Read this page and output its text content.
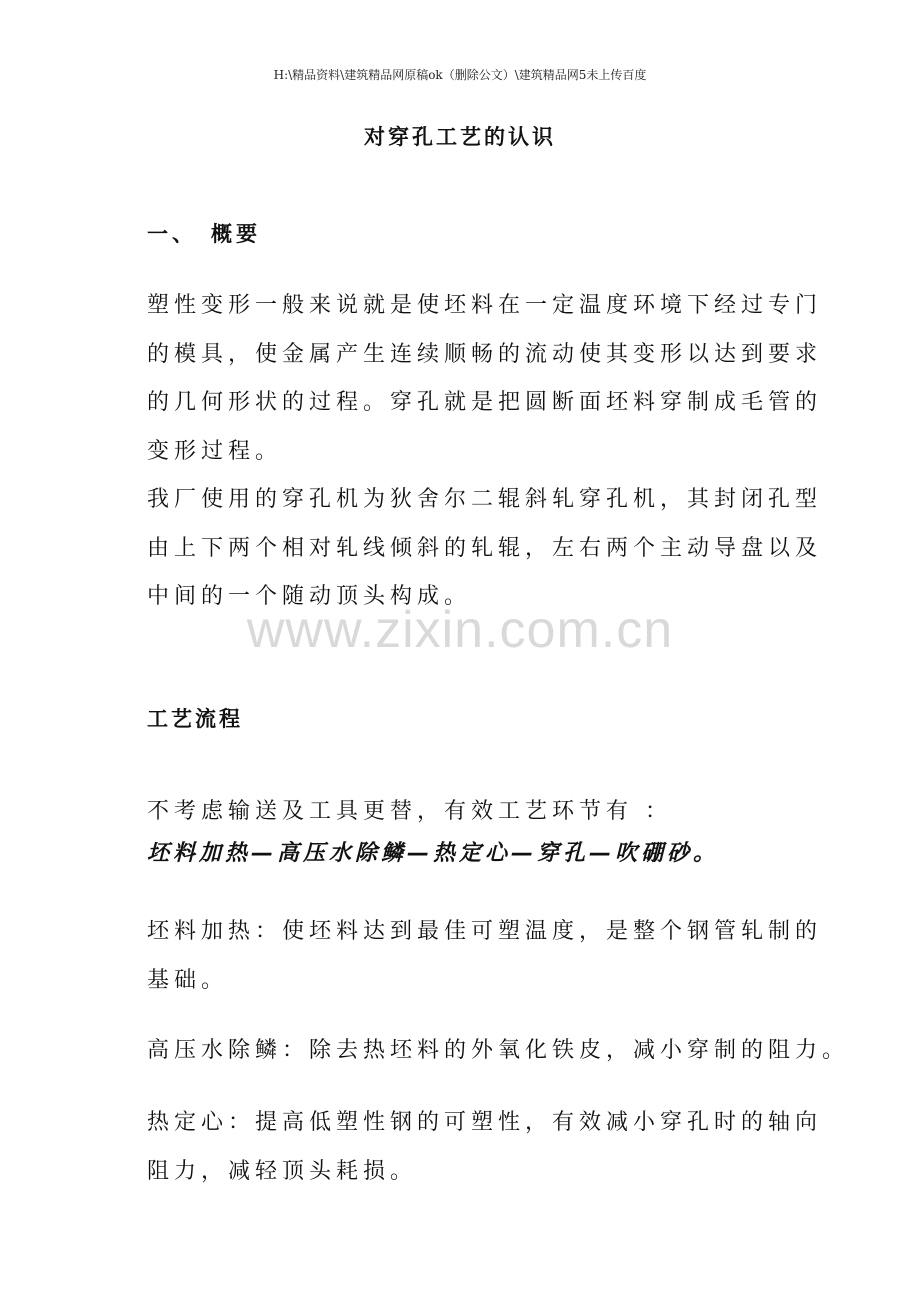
H:\精品资料\建筑精品网原稿ok（删除公文）\建筑精品网5未上传百度
对穿孔工艺的认识
一、 概要
塑性变形一般来说就是使坯料在一定温度环境下经过专门
的模具，使金属产生连续顺畅的流动使其变形以达到要求
的几何形状的过程。穿孔就是把圆断面坯料穿制成毛管的
变形过程。
我厂使用的穿孔机为狄舍尔二辊斜轧穿孔机，其封闭孔型
由上下两个相对轧线倾斜的轧辊，左右两个主动导盘以及
中间的一个随动顶头构成。
www.zixin.com.cn
工艺流程
不考虑输送及工具更替，有效工艺环节有 ：
坯料加热—高压水除鳞—热定心—穿孔—吹硼砂。
坯料加热：使坯料达到最佳可塑温度，是整个钢管轧制的
基础。
高压水除鳞：除去热坯料的外氧化铁皮，减小穿制的阻力。
热定心：提高低塑性钢的可塑性，有效减小穿孔时的轴向
阻力，减轻顶头耗损。
